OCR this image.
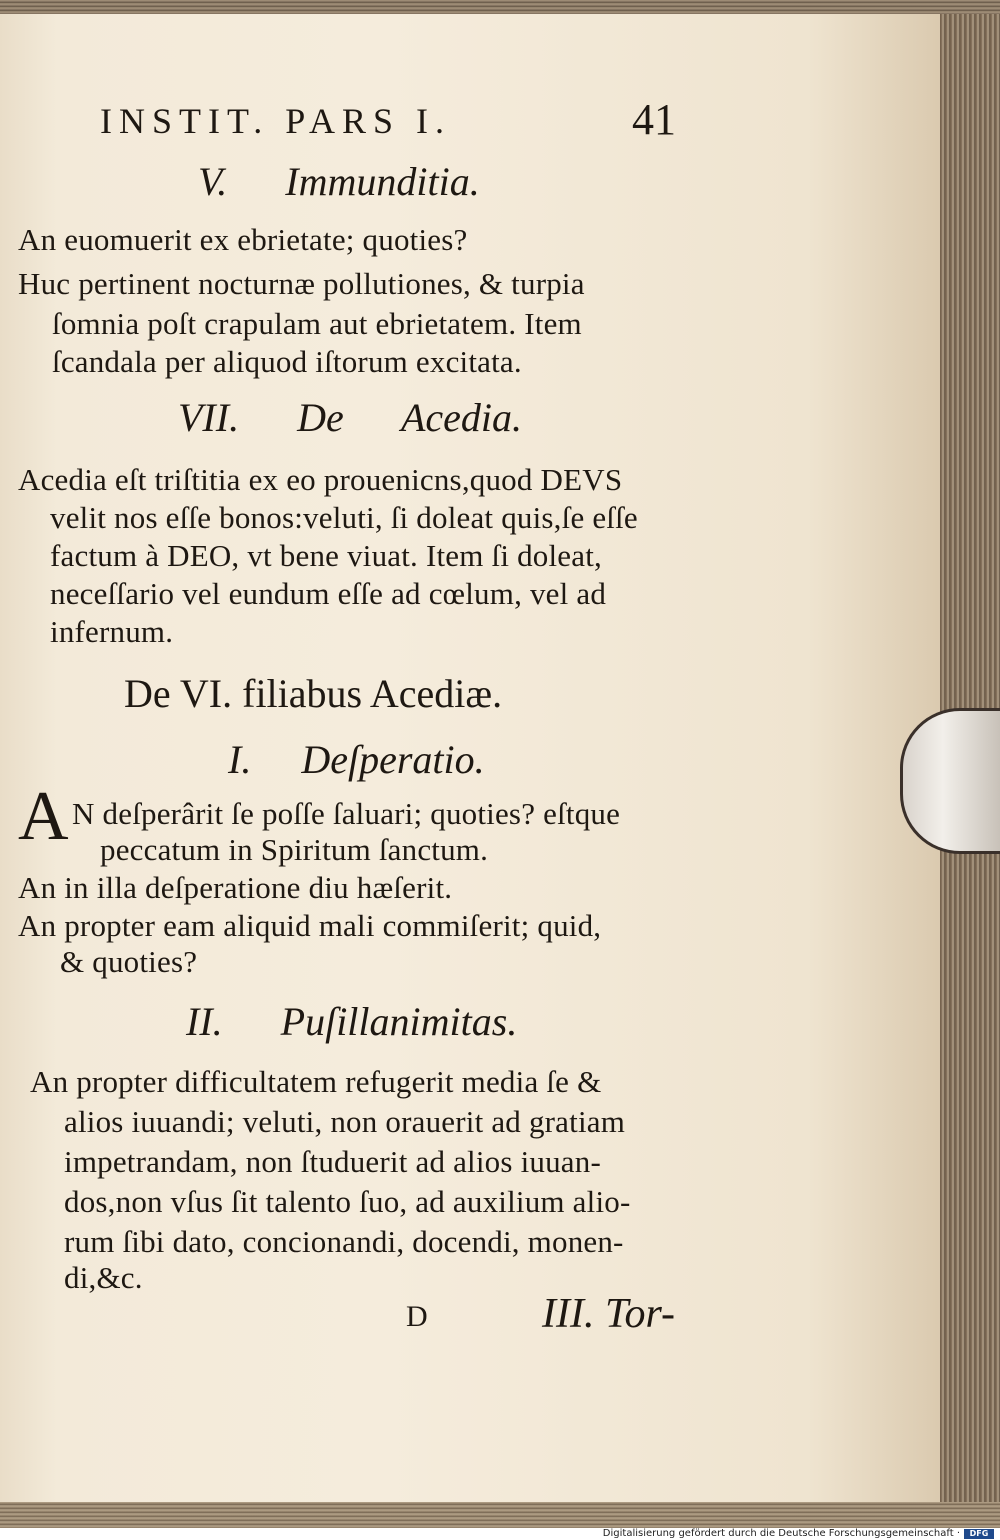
INSTIT. PARS I.	41
V. Immunditia.
An euomuerit ex ebrietate; quoties?
Huc pertinent nocturnæ pollutiones, & turpia
ſomnia poſt crapulam aut ebrietatem. Item
ſcandala per aliquod iſtorum excitata.
VII. De Acedia.
Acedia eſt triſtitia ex eo prouenicns,quod DEVS
velit nos eſſe bonos:veluti, ſi doleat quis,ſe eſſe
factum à DEO, vt bene viuat. Item ſi doleat,
neceſſario vel eundum eſſe ad cœlum, vel ad
infernum.
De VI. filiabus Acediæ.
I. Deſperatio.
A N deſperârit ſe poſſe ſaluari; quoties? eſtque
peccatum in Spiritum ſanctum.
An in illa deſperatione diu hæſerit.
An propter eam aliquid mali commiſerit; quid,
& quoties?
II. Puſillanimitas.
An propter difficultatem refugerit media ſe &
alios iuuandi; veluti, non orauerit ad gratiam
impetrandam, non ſtuduerit ad alios iuuan-
dos,non vſus ſit talento ſuo, ad auxilium alio-
rum ſibi dato, concionandi, docendi, monen-
di,&c.
D	III. Tor-
Digitalisierung gefördert durch die Deutsche Forschungsgemeinschaft ·	DFG
